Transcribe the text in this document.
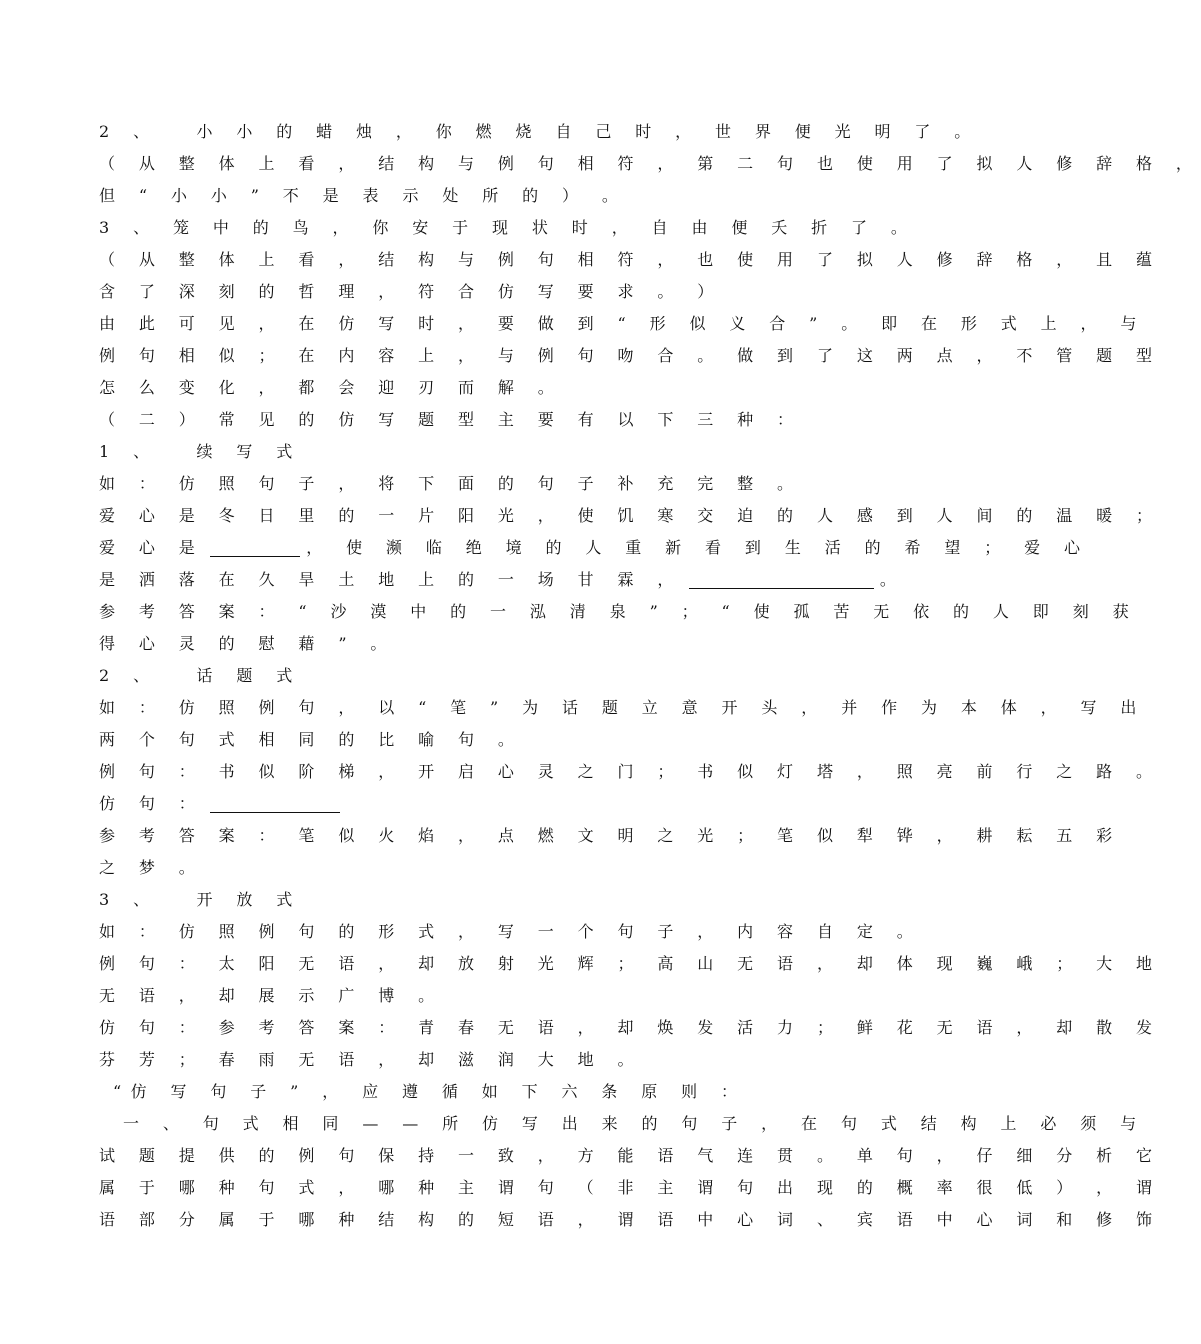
2 、 小 小 的 蜡 烛 ， 你 燃 烧 自 己 时 ， 世 界 便 光 明 了 。
（ 从 整 体 上 看 ， 结 构 与 例 句 相 符 ， 第 二 句 也 使 用 了 拟 人 修 辞 格 ，
但 “ 小 小 ” 不 是 表 示 处 所 的 ） 。
3 、 笼 中 的 鸟 ， 你 安 于 现 状 时 ， 自 由 便 夭 折 了 。
（ 从 整 体 上 看 ， 结 构 与 例 句 相 符 ， 也 使 用 了 拟 人 修 辞 格 ， 且 蕴
含 了 深 刻 的 哲 理 ， 符 合 仿 写 要 求 。 ）
由 此 可 见 ， 在 仿 写 时 ， 要 做 到 “ 形 似 义 合 ” 。 即 在 形 式 上 ， 与
例 句 相 似 ； 在 内 容 上 ， 与 例 句 吻 合 。 做 到 了 这 两 点 ， 不 管 题 型
怎 么 变 化 ， 都 会 迎 刃 而 解 。
（ 二 ） 常 见 的 仿 写 题 型 主 要 有 以 下 三 种 ：
1 、 续 写 式
如 ： 仿 照 句 子 ， 将 下 面 的 句 子 补 充 完 整 。
爱 心 是 冬 日 里 的 一 片 阳 光 ， 使 饥 寒 交 迫 的 人 感 到 人 间 的 温 暖 ；
爱 心 是	， 使 濒 临 绝 境 的 人 重 新 看 到 生 活 的 希 望 ； 爱 心
是 洒 落 在 久 旱 土 地 上 的 一 场 甘 霖 ，	。
参 考 答 案 ： “ 沙 漠 中 的 一 泓 清 泉 ” ； “ 使 孤 苦 无 依 的 人 即 刻 获
得 心 灵 的 慰 藉 ” 。
2 、 话 题 式
如 ： 仿 照 例 句 ， 以 “ 笔 ” 为 话 题 立 意 开 头 ， 并 作 为 本 体 ， 写 出
两 个 句 式 相 同 的 比 喻 句 。
例 句 ： 书 似 阶 梯 ， 开 启 心 灵 之 门 ； 书 似 灯 塔 ， 照 亮 前 行 之 路 。
仿 句 ：
参 考 答 案 ： 笔 似 火 焰 ， 点 燃 文 明 之 光 ； 笔 似 犁 铧 ， 耕 耘 五 彩
之 梦 。
3 、 开 放 式
如 ： 仿 照 例 句 的 形 式 ， 写 一 个 句 子 ， 内 容 自 定 。
例 句 ： 太 阳 无 语 ， 却 放 射 光 辉 ； 高 山 无 语 ， 却 体 现 巍 峨 ； 大 地
无 语 ， 却 展 示 广 博 。
仿 句 ： 参 考 答 案 ： 青 春 无 语 ， 却 焕 发 活 力 ； 鲜 花 无 语 ， 却 散 发
芬 芳 ； 春 雨 无 语 ， 却 滋 润 大 地 。
“仿 写 句 子 ” ， 应 遵 循 如 下 六 条 原 则 ：
一 、 句 式 相 同 — — 所 仿 写 出 来 的 句 子 ， 在 句 式 结 构 上 必 须 与
试 题 提 供 的 例 句 保 持 一 致 ， 方 能 语 气 连 贯 。 单 句 ， 仔 细 分 析 它
属 于 哪 种 句 式 ， 哪 种 主 谓 句 （ 非 主 谓 句 出 现 的 概 率 很 低 ） ， 谓
语 部 分 属 于 哪 种 结 构 的 短 语 ， 谓 语 中 心 词 、 宾 语 中 心 词 和 修 饰
